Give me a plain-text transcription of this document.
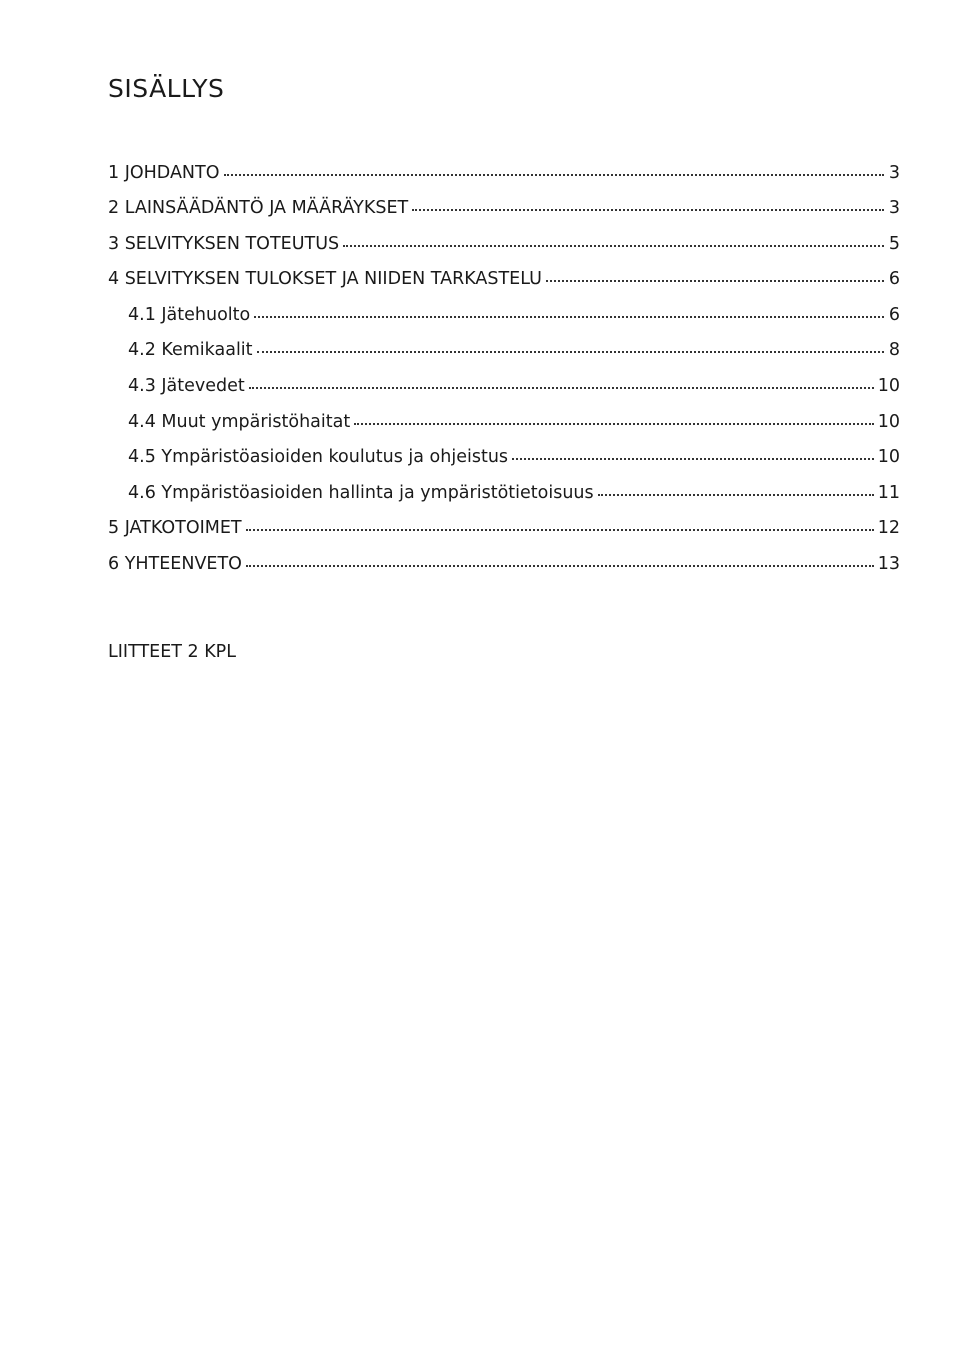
SISÄLLYS
1 JOHDANTO	3
2 LAINSÄÄDÄNTÖ JA MÄÄRÄYKSET	3
3 SELVITYKSEN TOTEUTUS	5
4 SELVITYKSEN TULOKSET JA NIIDEN TARKASTELU	6
4.1 Jätehuolto	6
4.2 Kemikaalit	8
4.3 Jätevedet	10
4.4 Muut ympäristöhaitat	10
4.5 Ympäristöasioiden koulutus ja ohjeistus	10
4.6 Ympäristöasioiden hallinta ja ympäristötietoisuus	11
5 JATKOTOIMET	12
6 YHTEENVETO	13

LIITTEET 2 KPL
